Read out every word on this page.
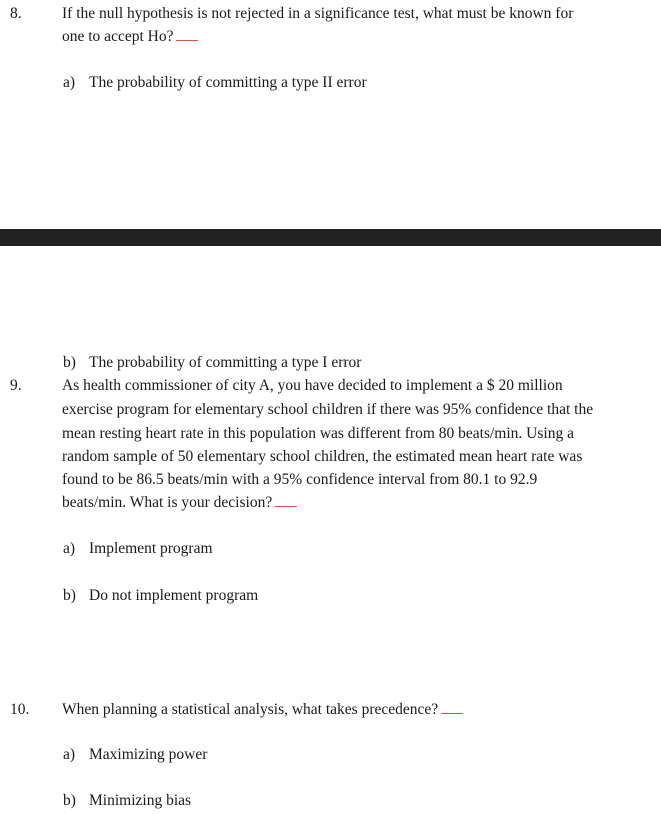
8.	If the null hypothesis is not rejected in a significance test, what must be known for
one to accept Ho?
a) The probability of committing a type II error
b) The probability of committing a type I error
9.	As health commissioner of city A, you have decided to implement a $ 20 million
exercise program for elementary school children if there was 95% confidence that the
mean resting heart rate in this population was different from 80 beats/min. Using a
random sample of 50 elementary school children, the estimated mean heart rate was
found to be 86.5 beats/min with a 95% confidence interval from 80.1 to 92.9
beats/min. What is your decision?
a) Implement program
b) Do not implement program
10. When planning a statistical analysis, what takes precedence?
a) Maximizing power
b) Minimizing bias
